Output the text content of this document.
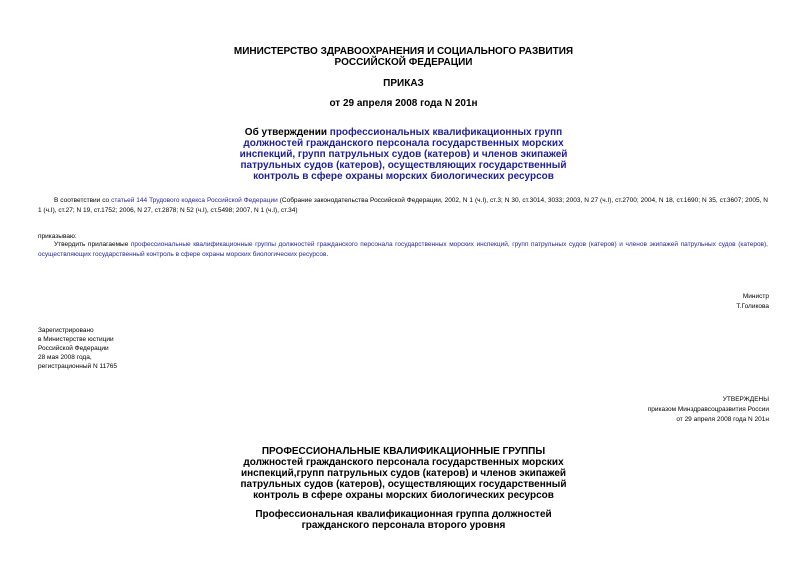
МИНИСТЕРСТВО ЗДРАВООХРАНЕНИЯ И СОЦИАЛЬНОГО РАЗВИТИЯ
РОССИЙСКОЙ ФЕДЕРАЦИИ
ПРИКАЗ
от 29 апреля 2008 года N 201н
Об утверждении профессиональных квалификационных групп
должностей гражданского персонала государственных морских
инспекций, групп патрульных судов (катеров) и членов экипажей
патрульных судов (катеров), осуществляющих государственный
контроль в сфере охраны морских биологических ресурсов
В соответствии со статьей 144 Трудового кодекса Российской Федерации (Собрание законодательства Российской Федерации, 2002, N 1 (ч.I), ст.3; N 30, ст.3014, 3033; 2003, N 27 (ч.I), ст.2700; 2004, N 18, ст.1690; N 35, ст.3607; 2005, N 1 (ч.I), ст.27; N 19, ст.1752; 2006, N 27, ст.2878; N 52 (ч.I), ст.5498; 2007, N 1 (ч.I), ст.34)
приказываю:
Утвердить прилагаемые профессиональные квалификационные группы должностей гражданского персонала государственных морских инспекций, групп патрульных судов (катеров) и членов экипажей патрульных судов (катеров), осуществляющих государственный контроль в сфере охраны морских биологических ресурсов.
Министр
Т.Голикова
Зарегистрировано
в Министерстве юстиции
Российской Федерации
28 мая 2008 года,
регистрационный N 11765
УТВЕРЖДЕНЫ
приказом Минздравсоцразвития России
от 29 апреля 2008 года N 201н
ПРОФЕССИОНАЛЬНЫЕ КВАЛИФИКАЦИОННЫЕ ГРУППЫ
должностей гражданского персонала государственных морских
инспекций,групп патрульных судов (катеров) и членов экипажей
патрульных судов (катеров), осуществляющих государственный
контроль в сфере охраны морских биологических ресурсов
Профессиональная квалификационная группа должностей
гражданского персонала второго уровня
